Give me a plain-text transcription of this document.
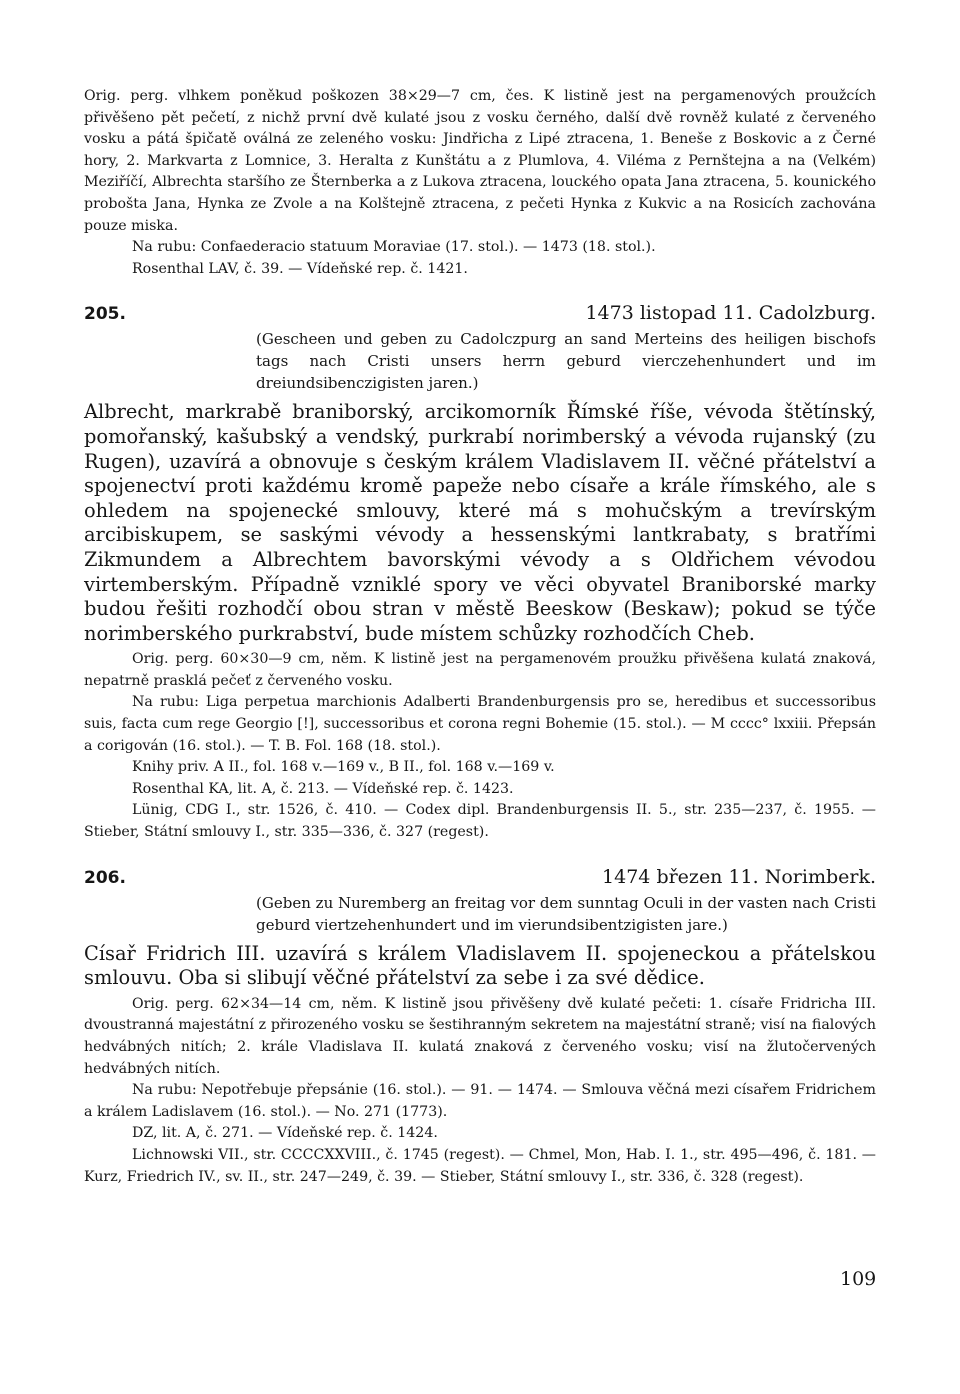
Orig. perg. vlhkem poněkud poškozen 38×29—7 cm, čes. K listině jest na pergamenových proužcích přivěšeno pět pečetí, z nichž první dvě kulaté jsou z vosku černého, další dvě rovněž kulaté z červeného vosku a pátá špičatě oválná ze zeleného vosku: Jindřicha z Lipé ztracena, 1. Beneše z Boskovic a z Černé hory, 2. Markvarta z Lomnice, 3. Heralta z Kunštátu a z Plumlova, 4. Viléma z Pernštejna a na (Velkém) Meziříčí, Albrechta staršího ze Šternberka a z Lukova ztracena, louckého opata Jana ztracena, 5. kounického probošta Jana, Hynka ze Zvole a na Kolštejně ztracena, z pečeti Hynka z Kukvic a na Rosicích zachována pouze miska.

Na rubu: Confaederacio statuum Moraviae (17. stol.). — 1473 (18. stol.).

Rosenthal LAV, č. 39. — Vídeňské rep. č. 1421.

205.	1473 listopad 11. Cadolzburg.

(Gescheen und geben zu Cadolczpurg an sand Merteins des heiligen bischofs tags nach Cristi unsers herrn geburd vierczehenhundert und im dreiundsibenczigisten jaren.)

Albrecht, markrabě braniborský, arcikomorník Římské říše, vévoda štětínský, pomořanský, kašubský a vendský, purkrabí norimberský a vévoda rujanský (zu Rugen), uzavírá a obnovuje s českým králem Vladislavem II. věčné přátelství a spojenectví proti každému kromě papeže nebo císaře a krále římského, ale s ohledem na spojenecké smlouvy, které má s mohučským a trevírským arcibiskupem, se saskými vévody a hessenskými lantkrabaty, s bratřími Zikmundem a Albrechtem bavorskými vévody a s Oldřichem vévodou virtemberským. Případně vzniklé spory ve věci obyvatel Braniborské marky budou řešiti rozhodčí obou stran v městě Beeskow (Beskaw); pokud se týče norimberského purkrabství, bude místem schůzky rozhodčích Cheb.

Orig. perg. 60×30—9 cm, něm. K listině jest na pergamenovém proužku přivěšena kulatá znaková, nepatrně prasklá pečeť z červeného vosku.

Na rubu: Liga perpetua marchionis Adalberti Brandenburgensis pro se, heredibus et successoribus suis, facta cum rege Georgio [!], successoribus et corona regni Bohemie (15. stol.). — M cccc° lxxiii. Přepsán a corigován (16. stol.). — T. B. Fol. 168 (18. stol.).

Knihy priv. A II., fol. 168 v.—169 v., B II., fol. 168 v.—169 v.

Rosenthal KA, lit. A, č. 213. — Vídeňské rep. č. 1423.

Lünig, CDG I., str. 1526, č. 410. — Codex dipl. Brandenburgensis II. 5., str. 235—237, č. 1955. — Stieber, Státní smlouvy I., str. 335—336, č. 327 (regest).

206.	1474 březen 11. Norimberk.

(Geben zu Nuremberg an freitag vor dem sunntag Oculi in der vasten nach Cristi geburd viertzehenhundert und im vierundsibentzigisten jare.)

Císař Fridrich III. uzavírá s králem Vladislavem II. spojeneckou a přátelskou smlouvu. Oba si slibují věčné přátelství za sebe i za své dědice.

Orig. perg. 62×34—14 cm, něm. K listině jsou přivěšeny dvě kulaté pečeti: 1. císaře Fridricha III. dvoustranná majestátní z přirozeného vosku se šestihranným sekretem na majestátní straně; visí na fialových hedvábných nitích; 2. krále Vladislava II. kulatá znaková z červeného vosku; visí na žlutočervených hedvábných nitích.

Na rubu: Nepotřebuje přepsánie (16. stol.). — 91. — 1474. — Smlouva věčná mezi císařem Fridrichem a králem Ladislavem (16. stol.). — No. 271 (1773).

DZ, lit. A, č. 271. — Vídeňské rep. č. 1424.

Lichnowski VII., str. CCCCXXVIII., č. 1745 (regest). — Chmel, Mon, Hab. I. 1., str. 495—496, č. 181. — Kurz, Friedrich IV., sv. II., str. 247—249, č. 39. — Stieber, Státní smlouvy I., str. 336, č. 328 (regest).

109
